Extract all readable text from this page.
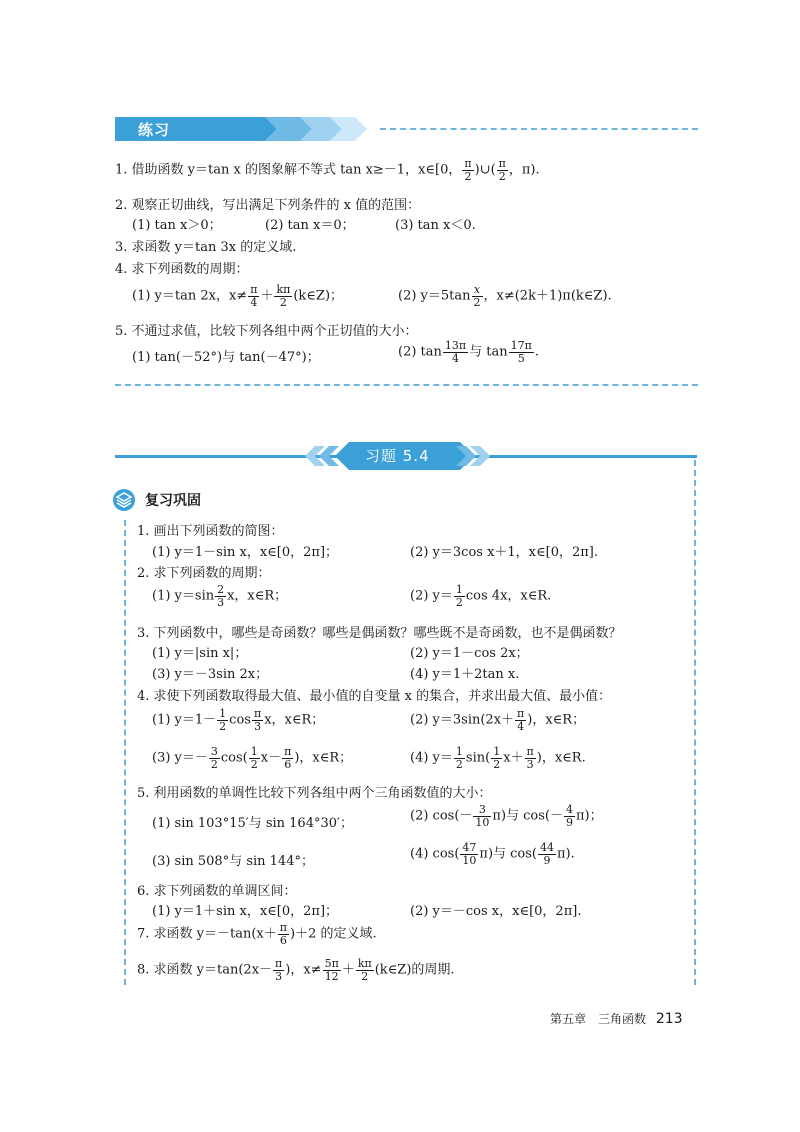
练习
1. 借助函数 y＝tan x 的图象解不等式 tan x≥－1，x∈[0， $\frac{\pi}{2}$ )∪( $\frac{\pi}{2}$ ，π).
2. 观察正切曲线，写出满足下列条件的 x 值的范围：
(1) tan x＞0；	(2) tan x＝0；	(3) tan x＜0.
3. 求函数 y＝tan 3x 的定义域.
4. 求下列函数的周期：
(1) y＝tan 2x，$x\ne \frac{\pi}{4} + \frac{k\pi}{2}$ (k∈Z)；	(2) $y=5\tan \frac{x}{2}$ ，x≠(2k＋1)π(k∈Z).
5. 不通过求值，比较下列各组中两个正切值的大小：
(1) tan(－52°)与 tan(－47°)；	(2) $\tan \frac{13\pi}{4}$ 与 $\tan \frac{17\pi}{5}$ .
习题 5.4
复习巩固
1. 画出下列函数的简图：
(1) y＝1－sin x，x∈[0，2π]；	(2) y＝3cos x＋1，x∈[0，2π].
2. 求下列函数的周期：
(1) $y=\sin \frac{2}{3}$ x，x∈R；	(2) $y= \frac{1}{2}$ cos 4x，x∈R.
3. 下列函数中，哪些是奇函数？哪些是偶函数？哪些既不是奇函数，也不是偶函数？
(1) y＝|sin x|；	(2) y＝1－cos 2x；
(3) y＝－3sin 2x；	(4) y＝1＋2tan x.
4. 求使下列函数取得最大值、最小值的自变量 x 的集合，并求出最大值、最小值：
(1) $y=1- \frac{1}{2}$ $\cos \frac{\pi}{3}$ x，x∈R；	(2) $y=3\sin(2x+ \frac{\pi}{4}$ )，x∈R；
(3) $y=- \frac{3}{2} \cos( \frac{1}{2} x- \frac{\pi}{6}$ )，x∈R；	(4) $y= \frac{1}{2} \sin( \frac{1}{2} x+ \frac{\pi}{3}$ )，x∈R.
5. 利用函数的单调性比较下列各组中两个三角函数值的大小：
(1) sin 103°15′与 sin 164°30′；	(2) $\cos(- \frac{3}{10} \pi)$与 $\cos(- \frac{4}{9} \pi)$；
(3) sin 508°与 sin 144°；	(4) $\cos( \frac{47}{10} \pi)$与 $\cos( \frac{44}{9} \pi)$.
6. 求下列函数的单调区间：
(1) y＝1＋sin x，x∈[0，2π]；	(2) y＝－cos x，x∈[0，2π].
7. 求函数 $y=-\tan(x+ \frac{\pi}{6} )+2$ 的定义域.
8. 求函数 $y=\tan(2x- \frac{\pi}{3}$ )，$x\ne \frac{5\pi}{12} + \frac{k\pi}{2}$ (k∈Z)的周期.
第五章　三角函数 213
